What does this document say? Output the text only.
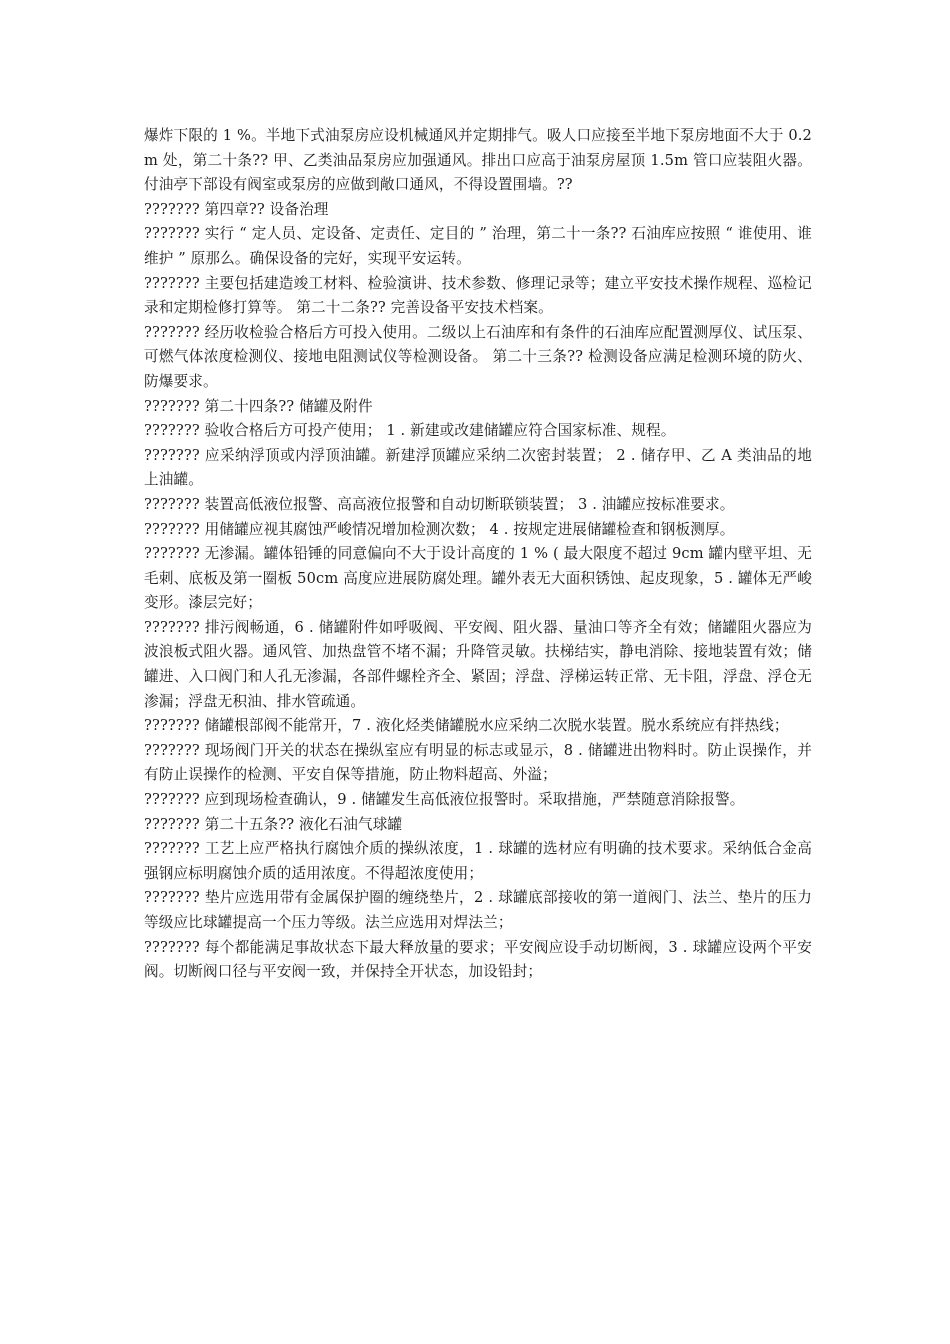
爆炸下限的 1 %。半地下式油泵房应设机械通风并定期排气。吸人口应接至半地下泵房地面不大于 0.2m 处，第二十条?? 甲、乙类油品泵房应加强通风。排出口应高于油泵房屋顶 1.5m 管口应装阻火器。付油亭下部设有阀室或泵房的应做到敞口通风，不得设置围墙。??

??????? 第四章?? 设备治理

??????? 实行 “ 定人员、定设备、定责任、定目的 ” 治理，第二十一条?? 石油库应按照 “ 谁使用、谁维护 ” 原那么。确保设备的完好，实现平安运转。

??????? 主要包括建造竣工材料、检验演讲、技术参数、修理记录等；建立平安技术操作规程、巡检记录和定期检修打算等。 第二十二条?? 完善设备平安技术档案。

??????? 经历收检验合格后方可投入使用。二级以上石油库和有条件的石油库应配置测厚仪、试压泵、可燃气体浓度检测仪、接地电阻测试仪等检测设备。 第二十三条?? 检测设备应满足检测环境的防火、防爆要求。

??????? 第二十四条?? 储罐及附件

??????? 验收合格后方可投产使用； 1 . 新建或改建储罐应符合国家标准、规程。

??????? 应采纳浮顶或内浮顶油罐。新建浮顶罐应采纳二次密封装置； 2 . 储存甲、乙 A 类油品的地上油罐。

??????? 装置高低液位报警、高高液位报警和自动切断联锁装置； 3 . 油罐应按标准要求。

??????? 用储罐应视其腐蚀严峻情况增加检测次数； 4 . 按规定进展储罐检查和钢板测厚。

??????? 无渗漏。罐体铅锤的同意偏向不大于设计高度的 1 % ( 最大限度不超过 9cm 罐内壁平坦、无毛刺、底板及第一圈板 50cm 高度应进展防腐处理。罐外表无大面积锈蚀、起皮现象，5 . 罐体无严峻变形。漆层完好；

??????? 排污阀畅通，6 . 储罐附件如呼吸阀、平安阀、阻火器、量油口等齐全有效；储罐阻火器应为波浪板式阻火器。通风管、加热盘管不堵不漏；升降管灵敏。扶梯结实，静电消除、接地装置有效；储罐进、入口阀门和人孔无渗漏，各部件螺栓齐全、紧固；浮盘、浮梯运转正常、无卡阻，浮盘、浮仓无渗漏；浮盘无积油、排水管疏通。

??????? 储罐根部阀不能常开，7 . 液化烃类储罐脱水应采纳二次脱水装置。脱水系统应有拌热线；

??????? 现场阀门开关的状态在操纵室应有明显的标志或显示，8 . 储罐进出物料时。防止误操作，并有防止误操作的检测、平安自保等措施，防止物料超高、外溢；

??????? 应到现场检查确认，9 . 储罐发生高低液位报警时。采取措施，严禁随意消除报警。

??????? 第二十五条?? 液化石油气球罐

??????? 工艺上应严格执行腐蚀介质的操纵浓度，1 . 球罐的选材应有明确的技术要求。采纳低合金高强钢应标明腐蚀介质的适用浓度。不得超浓度使用；

??????? 垫片应选用带有金属保护圈的缠绕垫片，2 . 球罐底部接收的第一道阀门、法兰、垫片的压力等级应比球罐提高一个压力等级。法兰应选用对焊法兰；

??????? 每个都能满足事故状态下最大释放量的要求；平安阀应设手动切断阀，3 . 球罐应设两个平安阀。切断阀口径与平安阀一致，并保持全开状态，加设铅封；
